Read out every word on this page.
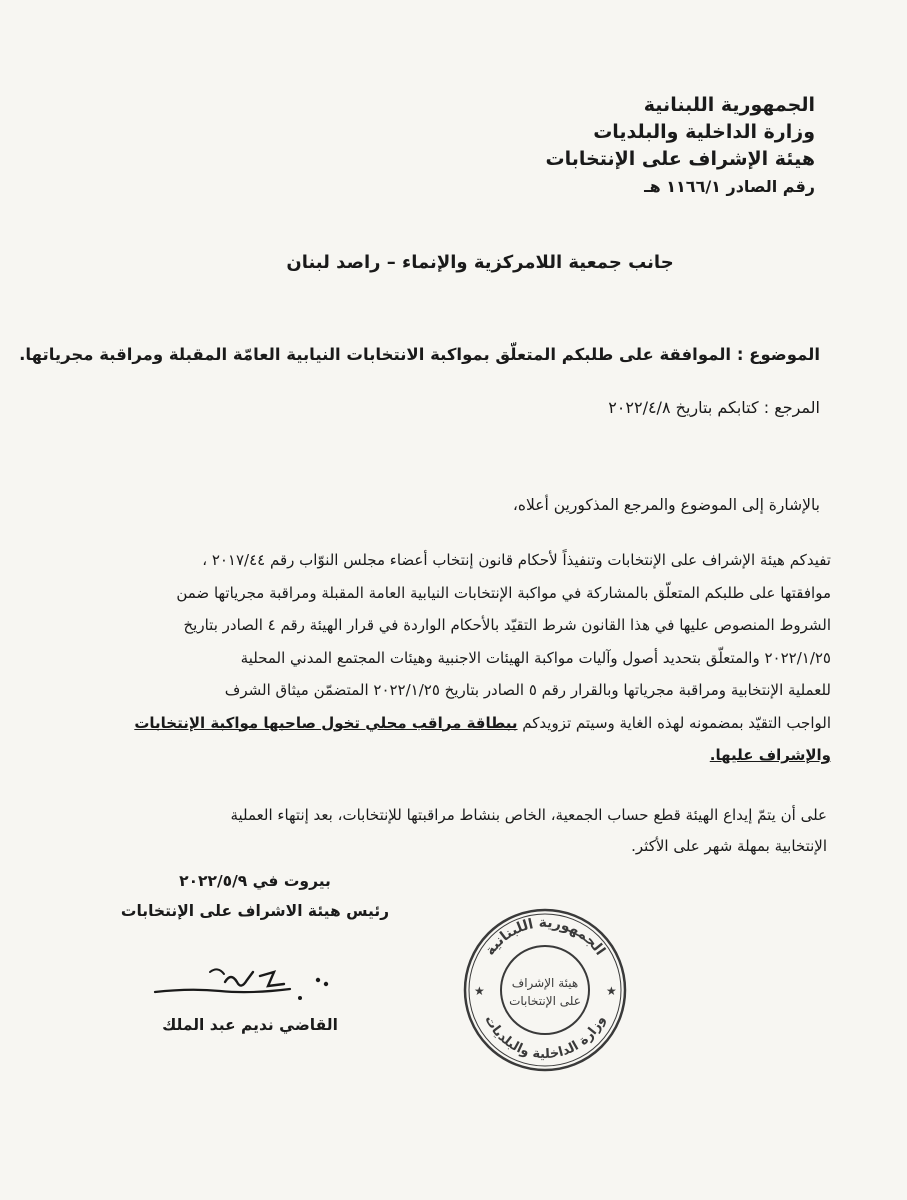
الجمهورية اللبنانية
وزارة الداخلية والبلديات
هيئة الإشراف على الإنتخابات
رقم الصادر ١١٦٦/١ هـ
جانب جمعية اللامركزية والإنماء – راصد لبنان
الموضوع : الموافقة على طلبكم المتعلّق بمواكبة الانتخابات النيابية العامّة المقبلة ومراقبة مجرياتها.
المرجع : كتابكم بتاريخ ٢٠٢٢/٤/٨
بالإشارة إلى الموضوع والمرجع المذكورين أعلاه،
تفيدكم هيئة الإشراف على الإنتخابات وتنفيذاً لأحكام قانون إنتخاب أعضاء مجلس النوّاب رقم ٢٠١٧/٤٤ ،
موافقتها على طلبكم المتعلّق بالمشاركة في مواكبة الإنتخابات النيابية العامة المقبلة ومراقبة مجرياتها ضمن
الشروط المنصوص عليها في هذا القانون شرط التقيّد بالأحكام الواردة في قرار الهيئة رقم ٤ الصادر بتاريخ
٢٠٢٢/١/٢٥ والمتعلّق بتحديد أصول وآليات مواكبة الهيئات الاجنبية وهيئات المجتمع المدني المحلية
للعملية الإنتخابية ومراقبة مجرياتها وبالقرار رقم ٥ الصادر بتاريخ ٢٠٢٢/١/٢٥ المتضمّن ميثاق الشرف
الواجب التقيّد بمضمونه لهذه الغاية وسيتم تزويدكم ببطاقة مراقب محلي تخول صاحبها مواكبة الإنتخابات
والإشراف عليها.
على أن يتمّ إيداع الهيئة قطع حساب الجمعية، الخاص بنشاط مراقبتها للإنتخابات، بعد إنتهاء العملية
الإنتخابية بمهلة شهر على الأكثر.
بيروت في ٢٠٢٢/٥/٩
رئيس هيئة الاشراف على الإنتخابات
القاضي نديم عبد الملك
الجمهورية اللبنانية
وزارة الداخلية والبلديات
هيئة الإشراف
على الإنتخابات
★	★
